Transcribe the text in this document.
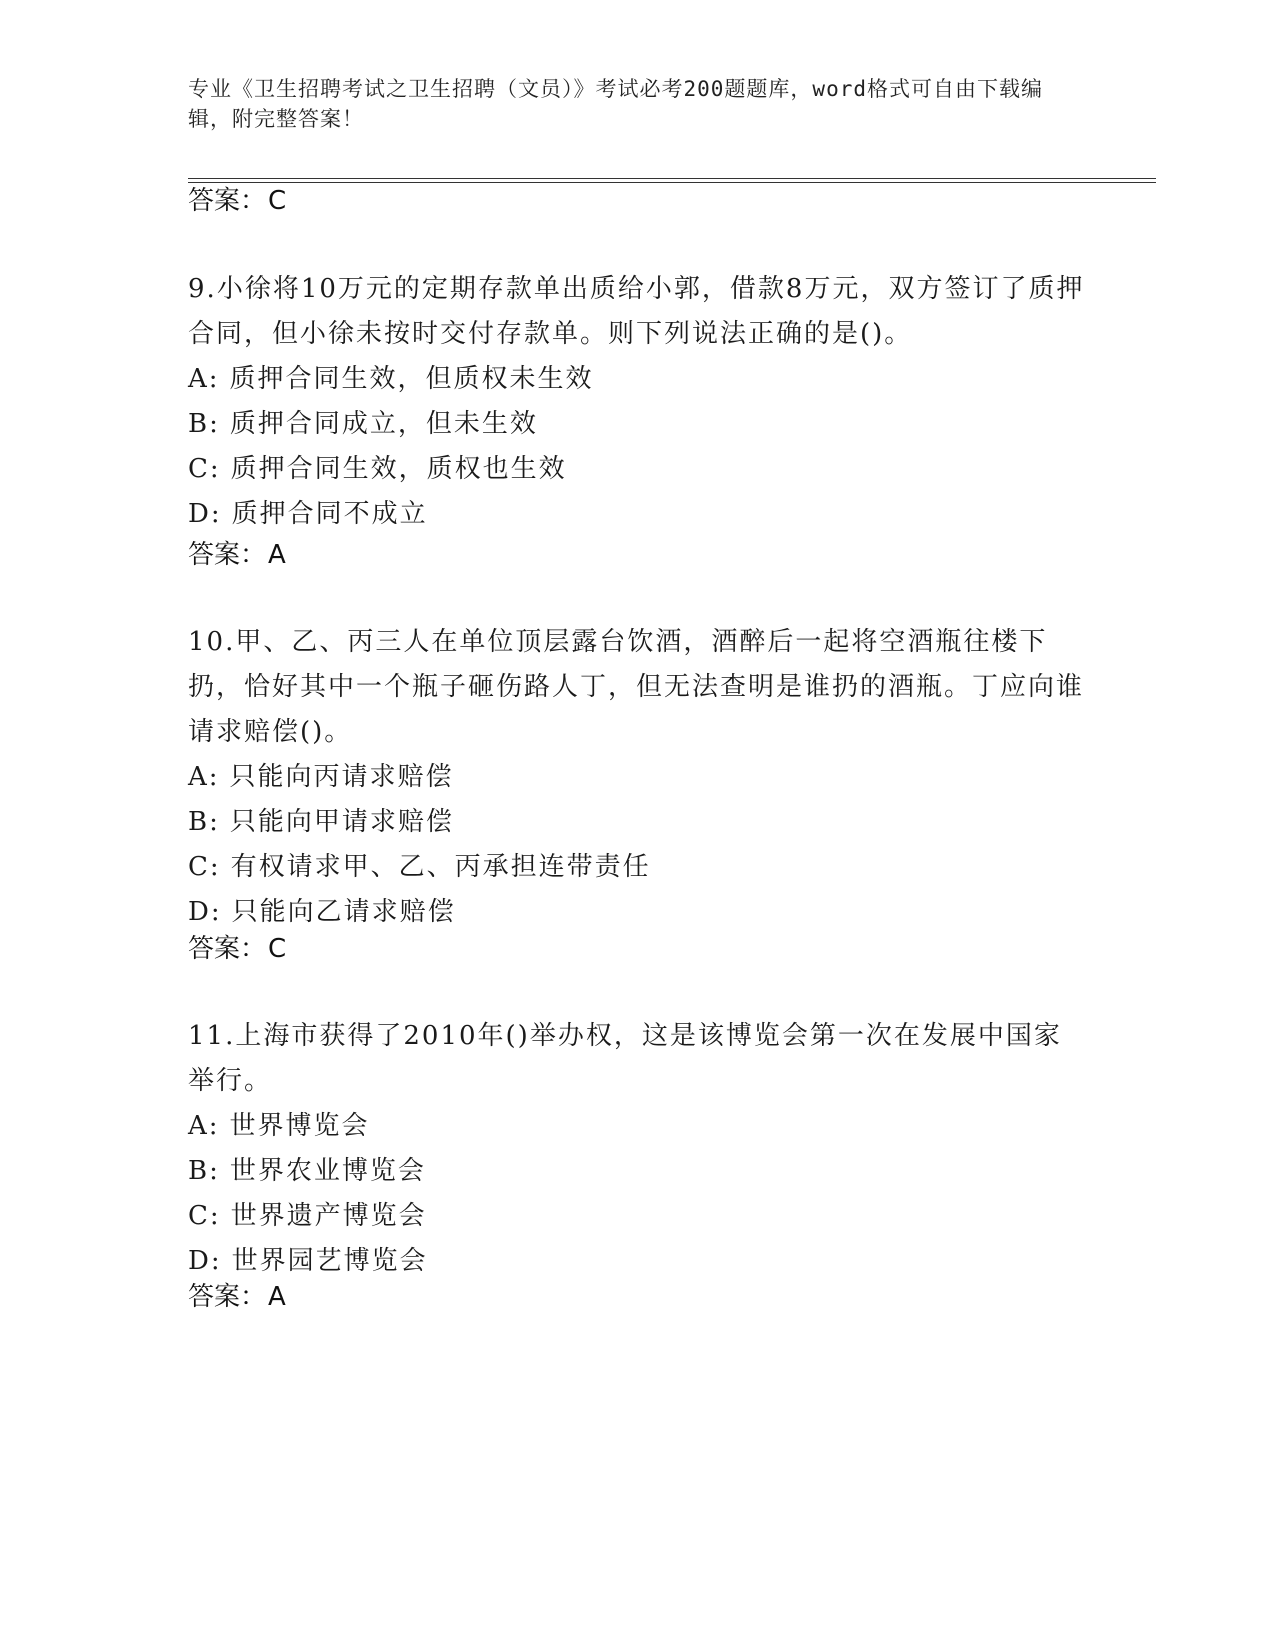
专业《卫生招聘考试之卫生招聘（文员）》考试必考200题题库，word格式可自由下载编辑，附完整答案！
答案：C

9.小徐将10万元的定期存款单出质给小郭，借款8万元，双方签订了质押合同，但小徐未按时交付存款单。则下列说法正确的是()。

A: 质押合同生效，但质权未生效

B: 质押合同成立，但未生效

C: 质押合同生效，质权也生效

D: 质押合同不成立

答案：A

10.甲、乙、丙三人在单位顶层露台饮酒，酒醉后一起将空酒瓶往楼下扔，恰好其中一个瓶子砸伤路人丁，但无法查明是谁扔的酒瓶。丁应向谁请求赔偿()。

A: 只能向丙请求赔偿

B: 只能向甲请求赔偿

C: 有权请求甲、乙、丙承担连带责任

D: 只能向乙请求赔偿

答案：C

11.上海市获得了2010年()举办权，这是该博览会第一次在发展中国家举行。

A: 世界博览会

B: 世界农业博览会

C: 世界遗产博览会

D: 世界园艺博览会

答案：A
